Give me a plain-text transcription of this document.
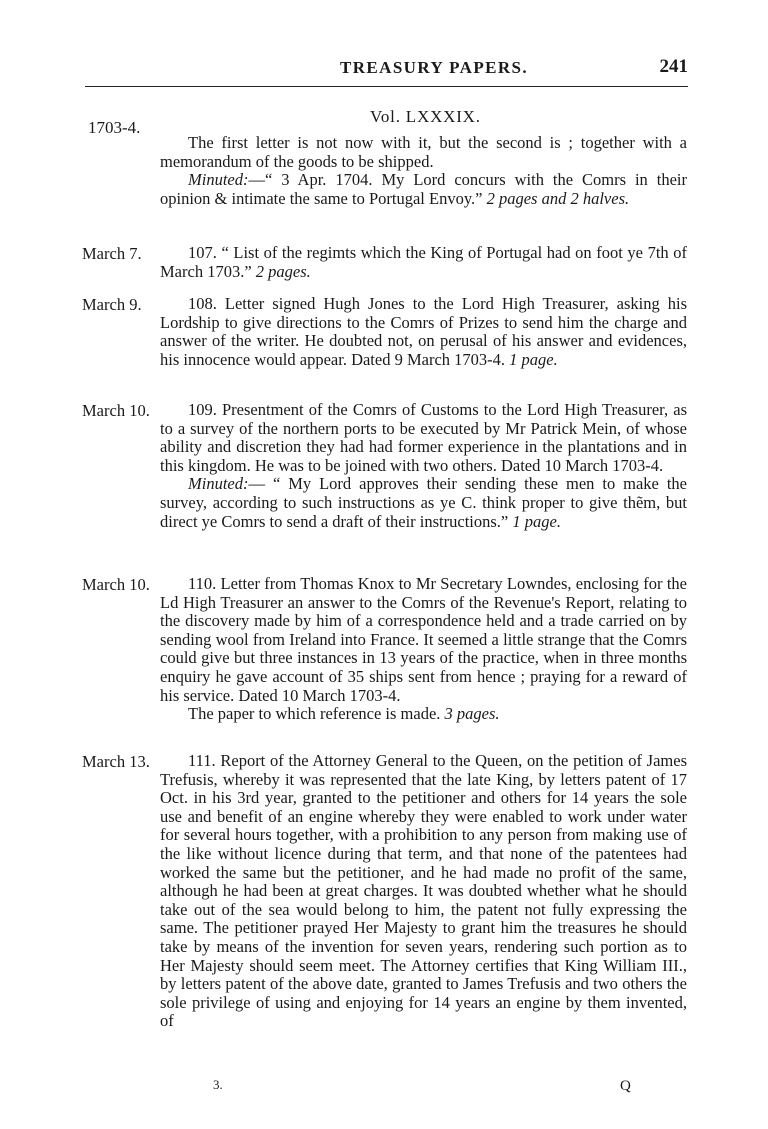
TREASURY PAPERS.	241
Vol. LXXXIX.
1703-4.

The first letter is not now with it, but the second is ; together with a memorandum of the goods to be shipped.

Minuted:—“ 3 Apr. 1704. My Lord concurs with the Comrs in their opinion & intimate the same to Portugal Envoy.” 2 pages and 2 halves.

March 7.	107. “ List of the regimts which the King of Portugal had on foot ye 7th of March 1703.” 2 pages.

March 9.	108. Letter signed Hugh Jones to the Lord High Treasurer, asking his Lordship to give directions to the Comrs of Prizes to send him the charge and answer of the writer. He doubted not, on perusal of his answer and evidences, his innocence would appear. Dated 9 March 1703-4. 1 page.

March 10.	109. Presentment of the Comrs of Customs to the Lord High Treasurer, as to a survey of the northern ports to be executed by Mr Patrick Mein, of whose ability and discretion they had had former experience in the plantations and in this kingdom. He was to be joined with two others. Dated 10 March 1703-4.

Minuted:— “ My Lord approves their sending these men to make the survey, according to such instructions as ye C. think proper to give thẽm, but direct ye Comrs to send a draft of their instructions.” 1 page.

March 10.	110. Letter from Thomas Knox to Mr Secretary Lowndes, enclosing for the Ld High Treasurer an answer to the Comrs of the Revenue's Report, relating to the discovery made by him of a correspondence held and a trade carried on by sending wool from Ireland into France. It seemed a little strange that the Comrs could give but three instances in 13 years of the practice, when in three months enquiry he gave account of 35 ships sent from hence ; praying for a reward of his service. Dated 10 March 1703-4.

The paper to which reference is made. 3 pages.

March 13.	111. Report of the Attorney General to the Queen, on the petition of James Trefusis, whereby it was represented that the late King, by letters patent of 17 Oct. in his 3rd year, granted to the petitioner and others for 14 years the sole use and benefit of an engine whereby they were enabled to work under water for several hours together, with a prohibition to any person from making use of the like without licence during that term, and that none of the patentees had worked the same but the petitioner, and he had made no profit of the same, although he had been at great charges. It was doubted whether what he should take out of the sea would belong to him, the patent not fully expressing the same. The petitioner prayed Her Majesty to grant him the treasures he should take by means of the invention for seven years, rendering such portion as to Her Majesty should seem meet. The Attorney certifies that King William III., by letters patent of the above date, granted to James Trefusis and two others the sole privilege of using and enjoying for 14 years an engine by them invented, of

3.	Q
